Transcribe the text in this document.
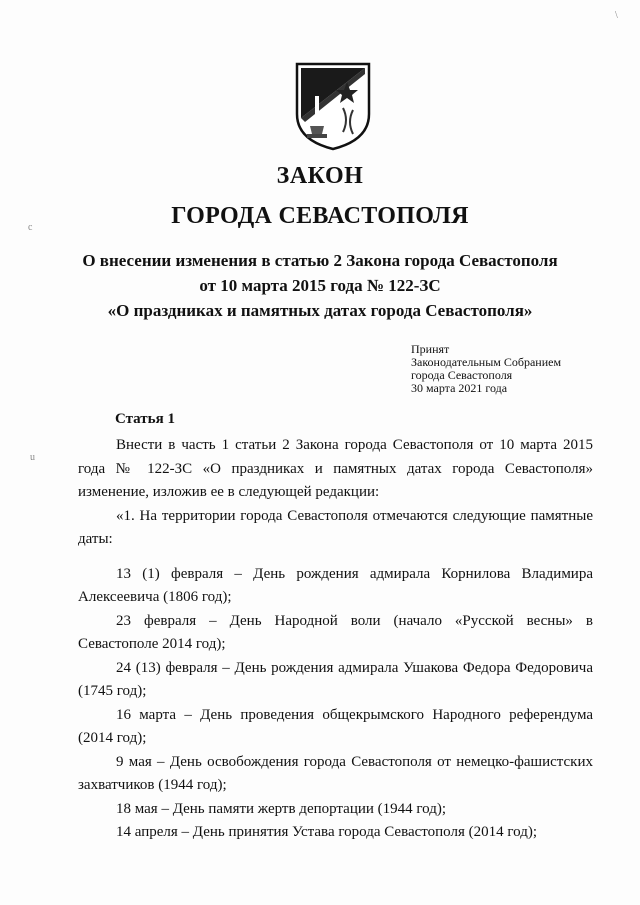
ЗАКОН
ГОРОДА СЕВАСТОПОЛЯ
О внесении изменения в статью 2 Закона города Севастополя
от 10 марта 2015 года № 122-ЗС
«О праздниках и памятных датах города Севастополя»
Принят
Законодательным Собранием
города Севастополя
30 марта 2021 года
Статья 1

Внести в часть 1 статьи 2 Закона города Севастополя от 10 марта 2015 года № 122-ЗС «О праздниках и памятных датах города Севастополя» изменение, изложив ее в следующей редакции:

«1. На территории города Севастополя отмечаются следующие памятные даты:

13 (1) февраля – День рождения адмирала Корнилова Владимира Алексеевича (1806 год);

23 февраля – День Народной воли (начало «Русской весны» в Севастополе 2014 год);

24 (13) февраля – День рождения адмирала Ушакова Федора Федоровича (1745 год);

16 марта – День проведения общекрымского Народного референдума (2014 год);

9 мая – День освобождения города Севастополя от немецко-фашистских захватчиков (1944 год);

18 мая – День памяти жертв депортации (1944 год);

14 апреля – День принятия Устава города Севастополя (2014 год);

c
u
\
